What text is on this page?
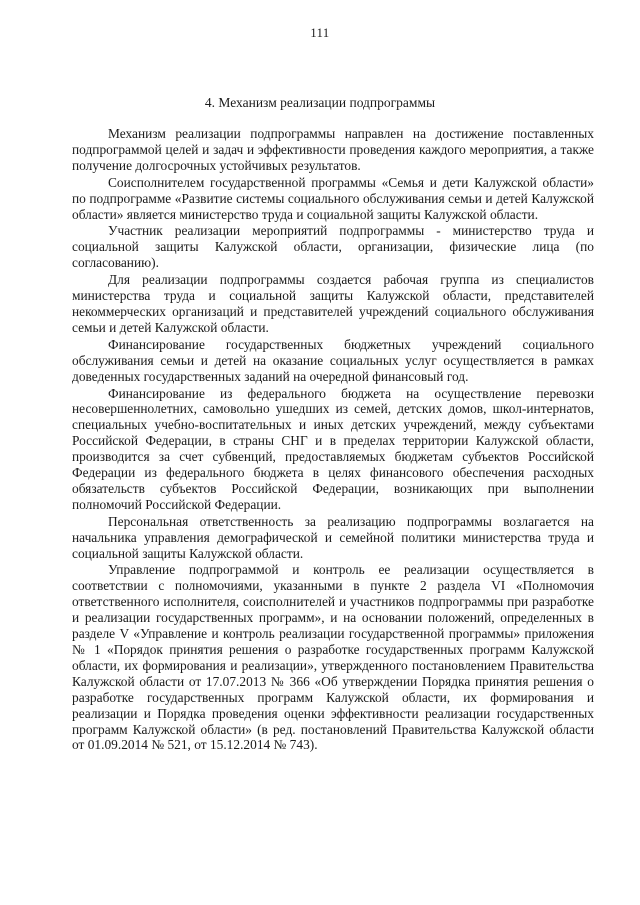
111
4. Механизм реализации подпрограммы

Механизм реализации подпрограммы направлен на достижение поставленных подпрограммой целей и задач и эффективности проведения каждого мероприятия, а также получение долгосрочных устойчивых результатов.

Соисполнителем государственной программы «Семья и дети Калужской области» по подпрограмме «Развитие системы социального обслуживания семьи и детей Калужской области» является министерство труда и социальной защиты Калужской области.

Участник реализации мероприятий подпрограммы - министерство труда и социальной защиты Калужской области, организации, физические лица (по согласованию).

Для реализации подпрограммы создается рабочая группа из специалистов министерства труда и социальной защиты Калужской области, представителей некоммерческих организаций и представителей учреждений социального обслуживания семьи и детей Калужской области.

Финансирование государственных бюджетных учреждений социального обслуживания семьи и детей на оказание социальных услуг осуществляется в рамках доведенных государственных заданий на очередной финансовый год.

Финансирование из федерального бюджета на осуществление перевозки несовершеннолетних, самовольно ушедших из семей, детских домов, школ-интернатов, специальных учебно-воспитательных и иных детских учреждений, между субъектами Российской Федерации, в страны СНГ и в пределах территории Калужской области, производится за счет субвенций, предоставляемых бюджетам субъектов Российской Федерации из федерального бюджета в целях финансового обеспечения расходных обязательств субъектов Российской Федерации, возникающих при выполнении полномочий Российской Федерации.

Персональная ответственность за реализацию подпрограммы возлагается на начальника управления демографической и семейной политики министерства труда и социальной защиты Калужской области.

Управление подпрограммой и контроль ее реализации осуществляется в соответствии с полномочиями, указанными в пункте 2 раздела VI «Полномочия ответственного исполнителя, соисполнителей и участников подпрограммы при разработке и реализации государственных программ», и на основании положений, определенных в разделе V «Управление и контроль реализации государственной программы» приложения № 1 «Порядок принятия решения о разработке государственных программ Калужской области, их формирования и реализации», утвержденного постановлением Правительства Калужской области от 17.07.2013 № 366 «Об утверждении Порядка принятия решения о разработке государственных программ Калужской области, их формирования и реализации и Порядка проведения оценки эффективности реализации государственных программ Калужской области» (в ред. постановлений Правительства Калужской области от 01.09.2014 № 521, от 15.12.2014 № 743).
